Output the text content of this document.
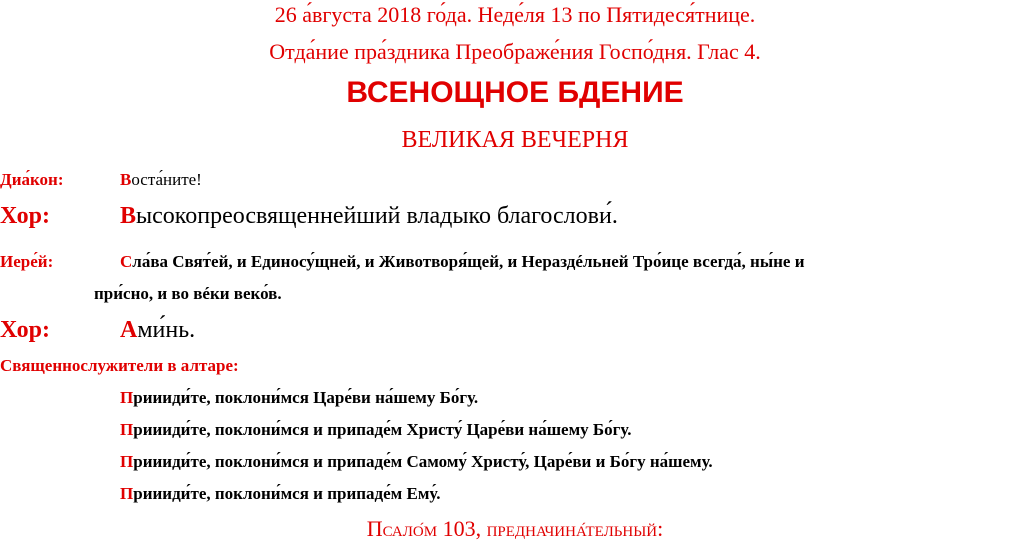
26 а́вгуста 2018 го́да. Неде́ля 13 по Пятидеся́тнице.
Отда́ние пра́здника Преображе́ния Госпо́дня. Глас 4.
ВСЕНОЩНОЕ БДЕНИЕ
ВЕЛИКАЯ ВЕЧЕРНЯ
Диа́кон:	Воста́ните!
Хор:	Высокопреосвященнейший владыко благослови́.
Иере́й:	Сла́ва Свят́ей, и Единосу́щней, и Животворя́щей, и Нераздéльней Тро́ице всегда́, ны́не и
при́сно, и во вéки веко́в.
Хор:	Ами́нь.
Священнослужители в алтаре:
Приииди́те, поклони́мся Царе́ви на́шему Бо́гу.
Приииди́те, поклони́мся и припаде́м Христу́ Царе́ви на́шему Бо́гу.
Приииди́те, поклони́мся и припаде́м Самому́ Христу́, Царе́ви и Бо́гу на́шему.
Приииди́те, поклони́мся и припаде́м Ему́.
Псало́м 103, предначина́тельный:
